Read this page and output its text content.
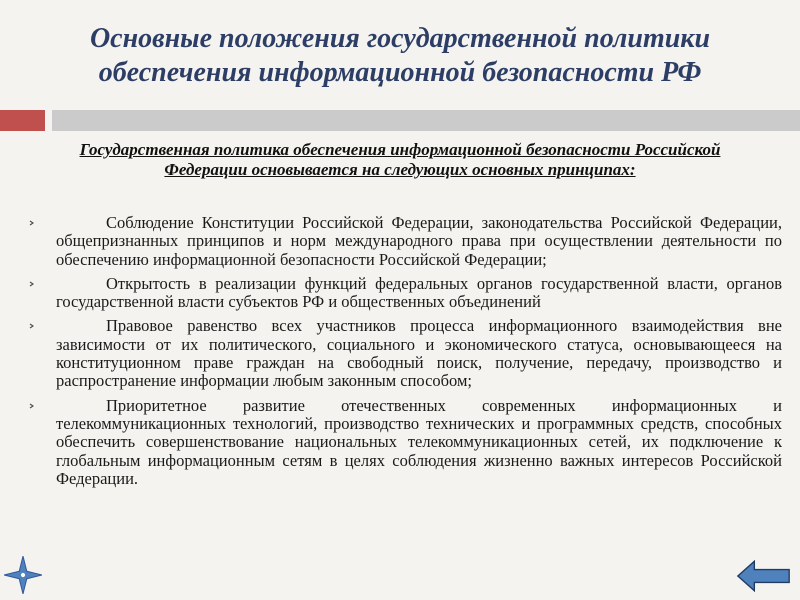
Основные положения государственной политики
обеспечения информационной безопасности РФ
Государственная политика обеспечения информационной безопасности Российской Федерации основывается на следующих основных принципах:
Соблюдение Конституции Российской Федерации, законодательства Российской Федерации, общепризнанных принципов и норм международного права при осуществлении деятельности по обеспечению информационной безопасности Российской Федерации;
Открытость в реализации функций федеральных органов государственной власти, органов государственной власти субъектов РФ и общественных объединений
Правовое равенство всех участников процесса информационного взаимодействия вне зависимости от их политического, социального и экономического статуса, основывающееся на конституционном праве граждан на свободный поиск, получение, передачу, производство и распространение информации любым законным способом;
Приоритетное развитие отечественных современных информационных и телекоммуникационных технологий, производство технических и программных средств, способных обеспечить совершенствование национальных телекоммуникационных сетей, их подключение к глобальным информационным сетям в целях соблюдения жизненно важных интересов Российской Федерации.
